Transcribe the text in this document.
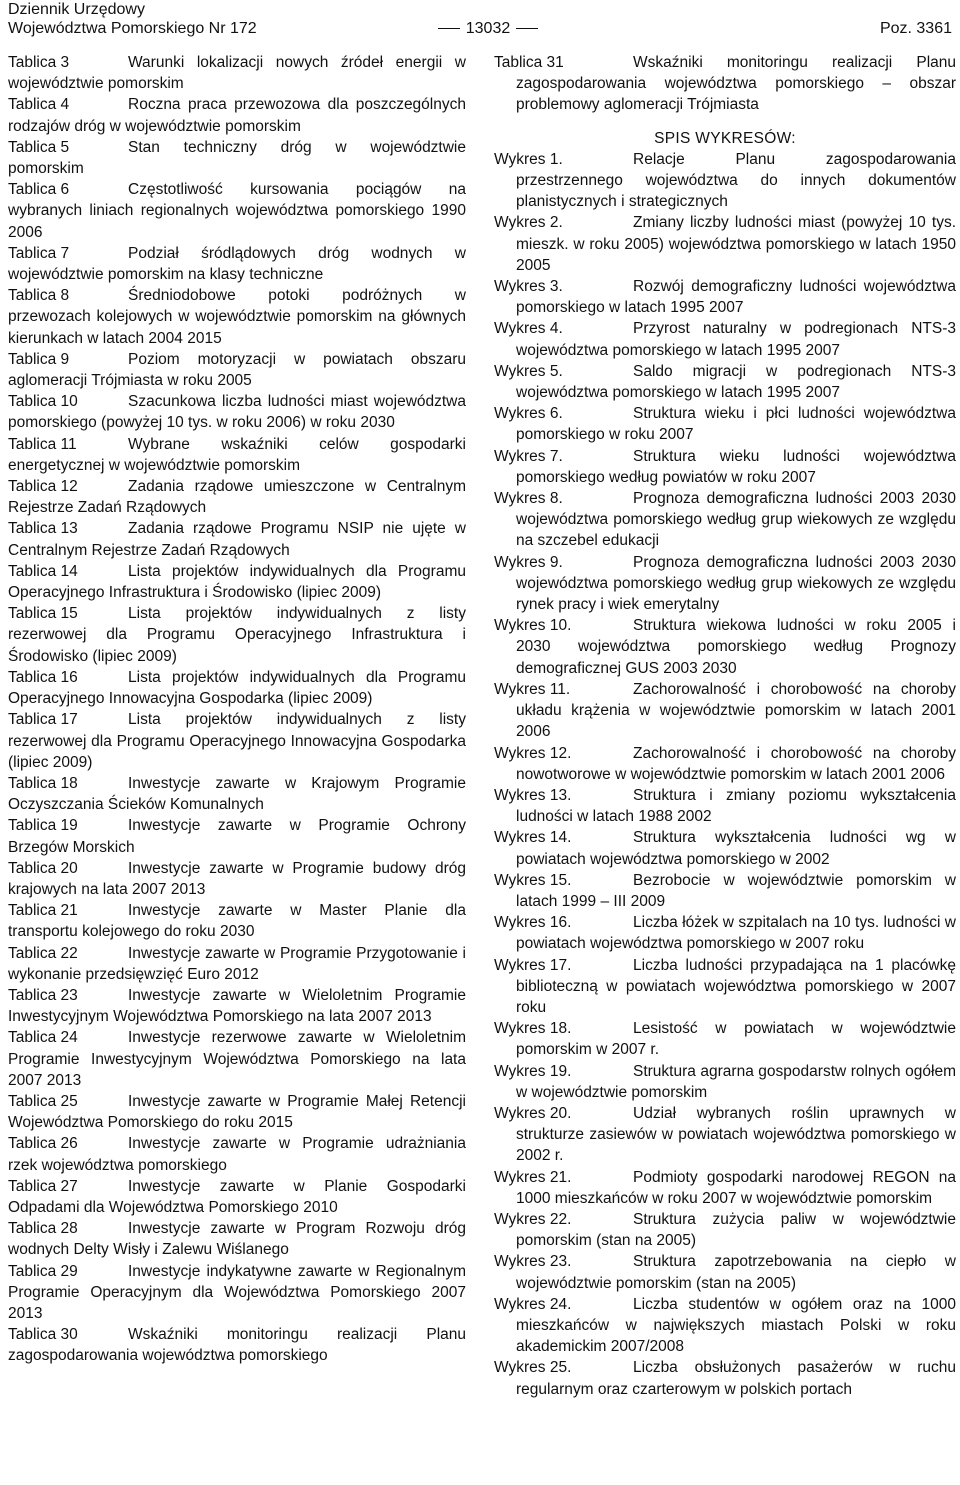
Dziennik Urzędowy
Województwa Pomorskiego Nr 172	13032	Poz. 3361
Tablica 3	Warunki lokalizacji nowych źródeł energii w województwie pomorskim
Tablica 4	Roczna praca przewozowa dla poszczególnych rodzajów dróg w województwie pomorskim
Tablica 5	Stan techniczny dróg w województwie pomorskim
Tablica 6	Częstotliwość kursowania pociągów na wybranych liniach regionalnych województwa pomorskiego 1990 2006
Tablica 7	Podział śródlądowych dróg wodnych w województwie pomorskim na klasy techniczne
Tablica 8	Średniodobowe potoki podróżnych w przewozach kolejowych w województwie pomorskim na głównych kierunkach w latach 2004 2015
Tablica 9	Poziom motoryzacji w powiatach obszaru aglomeracji Trójmiasta w roku 2005
Tablica 10	Szacunkowa liczba ludności miast województwa pomorskiego (powyżej 10 tys. w roku 2006) w roku 2030
Tablica 11	Wybrane wskaźniki celów gospodarki energetycznej w województwie pomorskim
Tablica 12	Zadania rządowe umieszczone w Centralnym Rejestrze Zadań Rządowych
Tablica 13	Zadania rządowe Programu NSIP nie ujęte w Centralnym Rejestrze Zadań Rządowych
Tablica 14	Lista projektów indywidualnych dla Programu Operacyjnego Infrastruktura i Środowisko (lipiec 2009)
Tablica 15	Lista projektów indywidualnych z listy rezerwowej dla Programu Operacyjnego Infrastruktura i Środowisko (lipiec 2009)
Tablica 16	Lista projektów indywidualnych dla Programu Operacyjnego Innowacyjna Gospodarka (lipiec 2009)
Tablica 17	Lista projektów indywidualnych z listy rezerwowej dla Programu Operacyjnego Innowacyjna Gospodarka (lipiec 2009)
Tablica 18	Inwestycje zawarte w Krajowym Programie Oczyszczania Ścieków Komunalnych
Tablica 19	Inwestycje zawarte w Programie Ochrony Brzegów Morskich
Tablica 20	Inwestycje zawarte w Programie budowy dróg krajowych na lata 2007 2013
Tablica 21	Inwestycje zawarte w Master Planie dla transportu kolejowego do roku 2030
Tablica 22	Inwestycje zawarte w Programie Przygotowanie i wykonanie przedsięwzięć Euro 2012
Tablica 23	Inwestycje zawarte w Wieloletnim Programie Inwestycyjnym Województwa Pomorskiego na lata 2007 2013
Tablica 24	Inwestycje rezerwowe zawarte w Wieloletnim Programie Inwestycyjnym Województwa Pomorskiego na lata 2007 2013
Tablica 25	Inwestycje zawarte w Programie Małej Retencji Województwa Pomorskiego do roku 2015
Tablica 26	Inwestycje zawarte w Programie udrażniania rzek województwa pomorskiego
Tablica 27	Inwestycje zawarte w Planie Gospodarki Odpadami dla Województwa Pomorskiego 2010
Tablica 28	Inwestycje zawarte w Program Rozwoju dróg wodnych Delty Wisły i Zalewu Wiślanego
Tablica 29	Inwestycje indykatywne zawarte w Regionalnym Programie Operacyjnym dla Województwa Pomorskiego 2007 2013
Tablica 30	Wskaźniki monitoringu realizacji Planu zagospodarowania województwa pomorskiego
Tablica 31	Wskaźniki monitoringu realizacji Planu zagospodarowania województwa pomorskiego – obszar problemowy aglomeracji Trójmiasta
SPIS WYKRESÓW:
Wykres 1.	Relacje Planu zagospodarowania przestrzennego województwa do innych dokumentów planistycznych i strategicznych
Wykres 2.	Zmiany liczby ludności miast (powyżej 10 tys. mieszk. w roku 2005) województwa pomorskiego w latach 1950 2005
Wykres 3.	Rozwój demograficzny ludności województwa pomorskiego w latach 1995 2007
Wykres 4.	Przyrost naturalny w podregionach NTS-3 województwa pomorskiego w latach 1995 2007
Wykres 5.	Saldo migracji w podregionach NTS-3 województwa pomorskiego w latach 1995 2007
Wykres 6.	Struktura wieku i płci ludności województwa pomorskiego w roku 2007
Wykres 7.	Struktura wieku ludności województwa pomorskiego według powiatów w roku 2007
Wykres 8.	Prognoza demograficzna ludności 2003 2030 województwa pomorskiego według grup wiekowych ze względu na szczebel edukacji
Wykres 9.	Prognoza demograficzna ludności 2003 2030 województwa pomorskiego według grup wiekowych ze względu rynek pracy i wiek emerytalny
Wykres 10.	Struktura wiekowa ludności w roku 2005 i 2030 województwa pomorskiego według Prognozy demograficznej GUS 2003 2030
Wykres 11.	Zachorowalność i chorobowość na choroby układu krążenia w województwie pomorskim w latach 2001 2006
Wykres 12.	Zachorowalność i chorobowość na choroby nowotworowe w województwie pomorskim w latach 2001 2006
Wykres 13.	Struktura i zmiany poziomu wykształcenia ludności w latach 1988 2002
Wykres 14.	Struktura wykształcenia ludności wg w powiatach województwa pomorskiego w 2002
Wykres 15.	Bezrobocie w województwie pomorskim w latach 1999 – III 2009
Wykres 16.	Liczba łóżek w szpitalach na 10 tys. ludności w powiatach województwa pomorskiego w 2007 roku
Wykres 17.	Liczba ludności przypadająca na 1 placówkę biblioteczną w powiatach województwa pomorskiego w 2007 roku
Wykres 18.	Lesistość w powiatach w województwie pomorskim w 2007 r.
Wykres 19.	Struktura agrarna gospodarstw rolnych ogółem w województwie pomorskim
Wykres 20.	Udział wybranych roślin uprawnych w strukturze zasiewów w powiatach województwa pomorskiego w 2002 r.
Wykres 21.	Podmioty gospodarki narodowej REGON na 1000 mieszkańców w roku 2007 w województwie pomorskim
Wykres 22.	Struktura zużycia paliw w województwie pomorskim (stan na 2005)
Wykres 23.	Struktura zapotrzebowania na ciepło w województwie pomorskim (stan na 2005)
Wykres 24.	Liczba studentów w ogółem oraz na 1000 mieszkańców w największych miastach Polski w roku akademickim 2007/2008
Wykres 25.	Liczba obsłużonych pasażerów w ruchu regularnym oraz czarterowym w polskich portach
